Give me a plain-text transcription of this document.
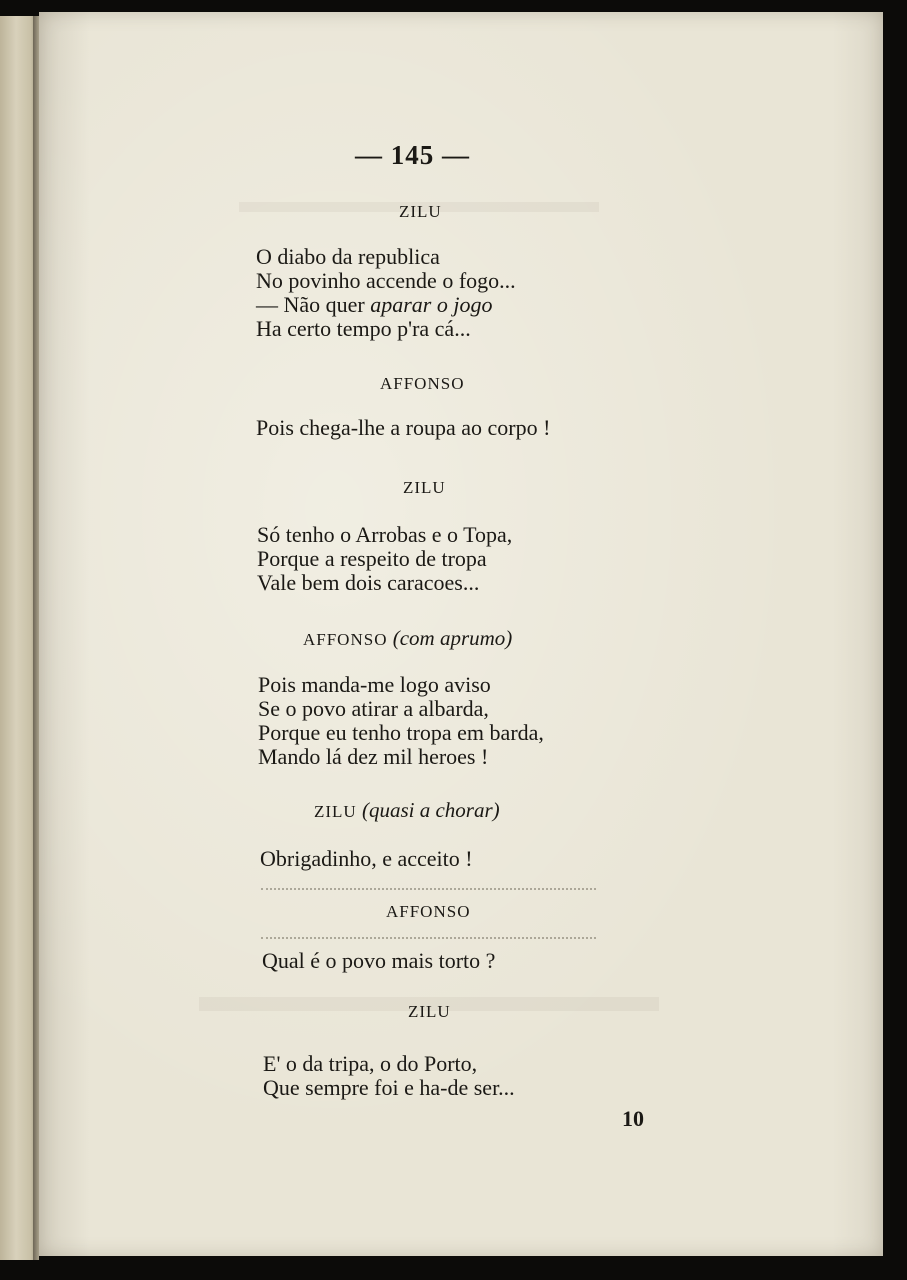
— 145 —
ZILU
O diabo da republica
No povinho accende o fogo...
— Não quer aparar o jogo
Ha certo tempo p'ra cá...
AFFONSO
Pois chega-lhe a roupa ao corpo !
ZILU
Só tenho o Arrobas e o Topa,
Porque a respeito de tropa
Vale bem dois caracoes...
AFFONSO (com aprumo)
Pois manda-me logo aviso
Se o povo atirar a albarda,
Porque eu tenho tropa em barda,
Mando lá dez mil heroes !
ZILU (quasi a chorar)
Obrigadinho, e acceito !
AFFONSO
Qual é o povo mais torto ?
ZILU
E' o da tripa, o do Porto,
Que sempre foi e ha-de ser...
10
